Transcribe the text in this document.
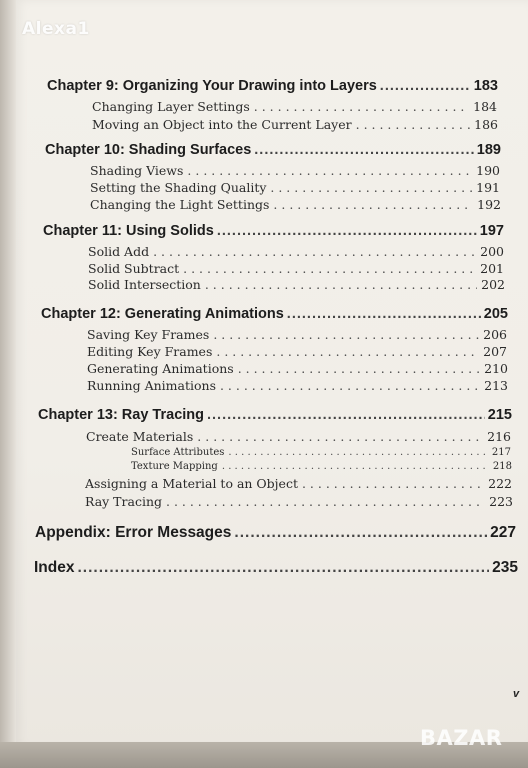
Alexa1
Chapter 9: Organizing Your Drawing into Layers .....	183
Changing Layer Settings . . .	184
Moving an Object into the Current Layer . . .	186
Chapter 10: Shading Surfaces .....	189
Shading Views . . .	190
Setting the Shading Quality . . .	191
Changing the Light Settings . . .	192
Chapter 11: Using Solids .....	197
Solid Add . . .	200
Solid Subtract . . .	201
Solid Intersection . . .	202
Chapter 12: Generating Animations .....	205
Saving Key Frames . . .	206
Editing Key Frames . . .	207
Generating Animations . . .	210
Running Animations . . .	213
Chapter 13: Ray Tracing .....	215
Create Materials . . .	216
Surface Attributes . . .	217
Texture Mapping . . .	218
Assigning a Material to an Object . . .	222
Ray Tracing . . .	223
Appendix: Error Messages .....	227
Index .....	235
v
BAZAR
